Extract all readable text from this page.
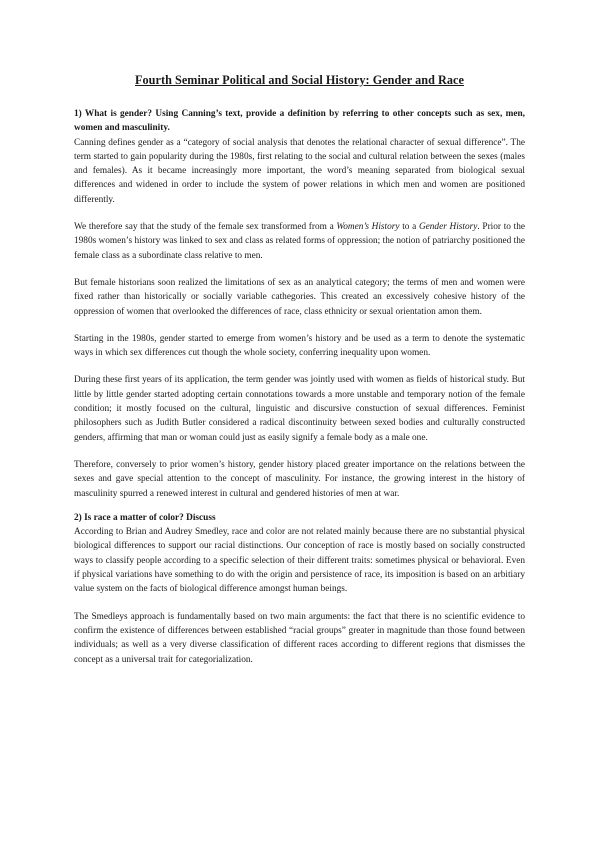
Fourth Seminar Political and Social History: Gender and Race
1) What is gender? Using Canning’s text, provide a definition by referring to other concepts such as sex, men, women and masculinity.

Canning defines gender as a “category of social analysis that denotes the relational character of sexual difference”. The term started to gain popularity during the 1980s, first relating to the social and cultural relation between the sexes (males and females). As it became increasingly more important, the word’s meaning separated from biological sexual differences and widened in order to include the system of power relations in which men and women are positioned differently.

We therefore say that the study of the female sex transformed from a Women’s History to a Gender History. Prior to the 1980s women’s history was linked to sex and class as related forms of oppression; the notion of patriarchy positioned the female class as a subordinate class relative to men.

But female historians soon realized the limitations of sex as an analytical category; the terms of men and women were fixed rather than historically or socially variable cathegories. This created an excessively cohesive history of the oppression of women that overlooked the differences of race, class ethnicity or sexual orientation amon them.

Starting in the 1980s, gender started to emerge from women’s history and be used as a term to denote the systematic ways in which sex differences cut though the whole society, conferring inequality upon women.

During these first years of its application, the term gender was jointly used with women as fields of historical study. But little by little gender started adopting certain connotations towards a more unstable and temporary notion of the female condition; it mostly focused on the cultural, linguistic and discursive constuction of sexual differences. Feminist philosophers such as Judith Butler considered a radical discontinuity between sexed bodies and culturally constructed genders, affirming that man or woman could just as easily signify a female body as a male one.

Therefore, conversely to prior women’s history, gender history placed greater importance on the relations between the sexes and gave special attention to the concept of masculinity. For instance, the growing interest in the history of masculinity spurred a renewed interest in cultural and gendered histories of men at war.

2) Is race a matter of color? Discuss

According to Brian and Audrey Smedley, race and color are not related mainly because there are no substantial physical biological differences to support our racial distinctions. Our conception of race is mostly based on socially constructed ways to classify people according to a specific selection of their different traits: sometimes physical or behavioral. Even if physical variations have something to do with the origin and persistence of race, its imposition is based on an arbitiary value system on the facts of biological difference amongst human beings.

The Smedleys approach is fundamentally based on two main arguments: the fact that there is no scientific evidence to confirm the existence of differences between established “racial groups” greater in magnitude than those found between individuals; as well as a very diverse classification of different races according to different regions that dismisses the concept as a universal trait for categorialization.
